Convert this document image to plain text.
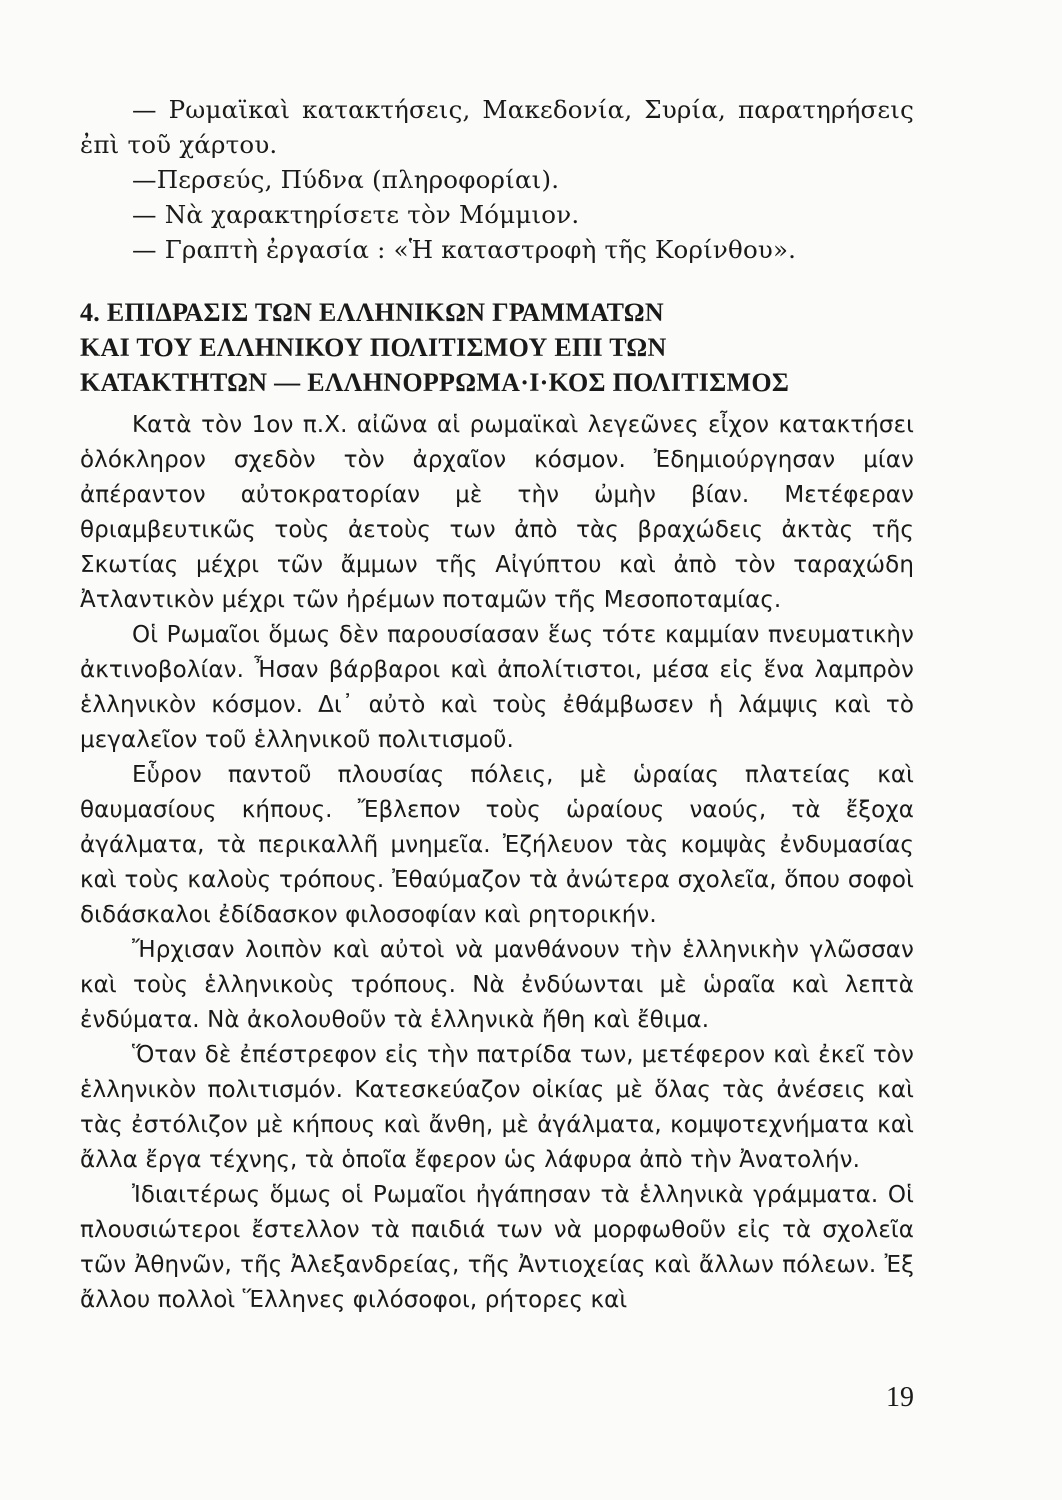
— Ρωμαϊκαὶ κατακτήσεις, Μακεδονία, Συρία, παρατηρήσεις ἐπὶ τοῦ χάρτου.

—Περσεύς, Πύδνα (πληροφορίαι).

— Νὰ χαρακτηρίσετε τὸν Μόμμιον.

— Γραπτὴ ἐργασία : «Ἡ καταστροφὴ τῆς Κορίνθου».

4. ΕΠΙΔΡΑΣΙΣ ΤΩΝ ΕΛΛΗΝΙΚΩΝ ΓΡΑΜΜΑΤΩΝ
ΚΑΙ ΤΟΥ ΕΛΛΗΝΙΚΟΥ ΠΟΛΙΤΙΣΜΟΥ ΕΠΙ ΤΩΝ
ΚΑΤΑΚΤΗΤΩΝ — ΕΛΛΗΝΟΡΡΩΜΑ·Ι·ΚΟΣ ΠΟΛΙΤΙΣΜΟΣ

Κατὰ τὸν 1ον π.Χ. αἰῶνα αἱ ρωμαϊκαὶ λεγεῶνες εἶχον κατακτήσει ὁλόκληρον σχεδὸν τὸν ἀρχαῖον κόσμον. Ἐδημιούργησαν μίαν ἀπέραντον αὐτοκρατορίαν μὲ τὴν ὠμὴν βίαν. Μετέφεραν θριαμβευτικῶς τοὺς ἀετοὺς των ἀπὸ τὰς βραχώδεις ἀκτὰς τῆς Σκωτίας μέχρι τῶν ἄμμων τῆς Αἰγύπτου καὶ ἀπὸ τὸν ταραχώδη Ἀτλαντικὸν μέχρι τῶν ἠρέμων ποταμῶν τῆς Μεσοποταμίας.

Οἱ Ρωμαῖοι ὅμως δὲν παρουσίασαν ἕως τότε καμμίαν πνευματικὴν ἀκτινοβολίαν. Ἦσαν βάρβαροι καὶ ἀπολίτιστοι, μέσα εἰς ἕνα λαμπρὸν ἑλληνικὸν κόσμον. Δι᾽ αὐτὸ καὶ τοὺς ἐθάμβωσεν ἡ λάμψις καὶ τὸ μεγαλεῖον τοῦ ἑλληνικοῦ πολιτισμοῦ.

Εὗρον παντοῦ πλουσίας πόλεις, μὲ ὡραίας πλατείας καὶ θαυμασίους κήπους. Ἔβλεπον τοὺς ὡραίους ναούς, τὰ ἔξοχα ἀγάλματα, τὰ περικαλλῆ μνημεῖα. Ἐζήλευον τὰς κομψὰς ἐνδυμασίας καὶ τοὺς καλοὺς τρόπους. Ἐθαύμαζον τὰ ἀνώτερα σχολεῖα, ὅπου σοφοὶ διδάσκαλοι ἐδίδασκον φιλοσοφίαν καὶ ρητορικήν.

Ἤρχισαν λοιπὸν καὶ αὐτοὶ νὰ μανθάνουν τὴν ἑλληνικὴν γλῶσσαν καὶ τοὺς ἑλληνικοὺς τρόπους. Νὰ ἐνδύωνται μὲ ὡραῖα καὶ λεπτὰ ἐνδύματα. Νὰ ἀκολουθοῦν τὰ ἑλληνικὰ ἤθη καὶ ἔθιμα.

Ὅταν δὲ ἐπέστρεφον εἰς τὴν πατρίδα των, μετέφερον καὶ ἐκεῖ τὸν ἑλληνικὸν πολιτισμόν. Κατεσκεύαζον οἰκίας μὲ ὅλας τὰς ἀνέσεις καὶ τὰς ἐστόλιζον μὲ κήπους καὶ ἄνθη, μὲ ἀγάλματα, κομψοτεχνήματα καὶ ἄλλα ἔργα τέχνης, τὰ ὁποῖα ἔφερον ὡς λάφυρα ἀπὸ τὴν Ἀνατολήν.

Ἰδιαιτέρως ὅμως οἱ Ρωμαῖοι ἠγάπησαν τὰ ἑλληνικὰ γράμματα. Οἱ πλουσιώτεροι ἔστελλον τὰ παιδιά των νὰ μορφωθοῦν εἰς τὰ σχολεῖα τῶν Ἀθηνῶν, τῆς Ἀλεξανδρείας, τῆς Ἀντιοχείας καὶ ἄλλων πόλεων. Ἐξ ἄλλου πολλοὶ Ἕλληνες φιλόσοφοι, ρήτορες καὶ

19
